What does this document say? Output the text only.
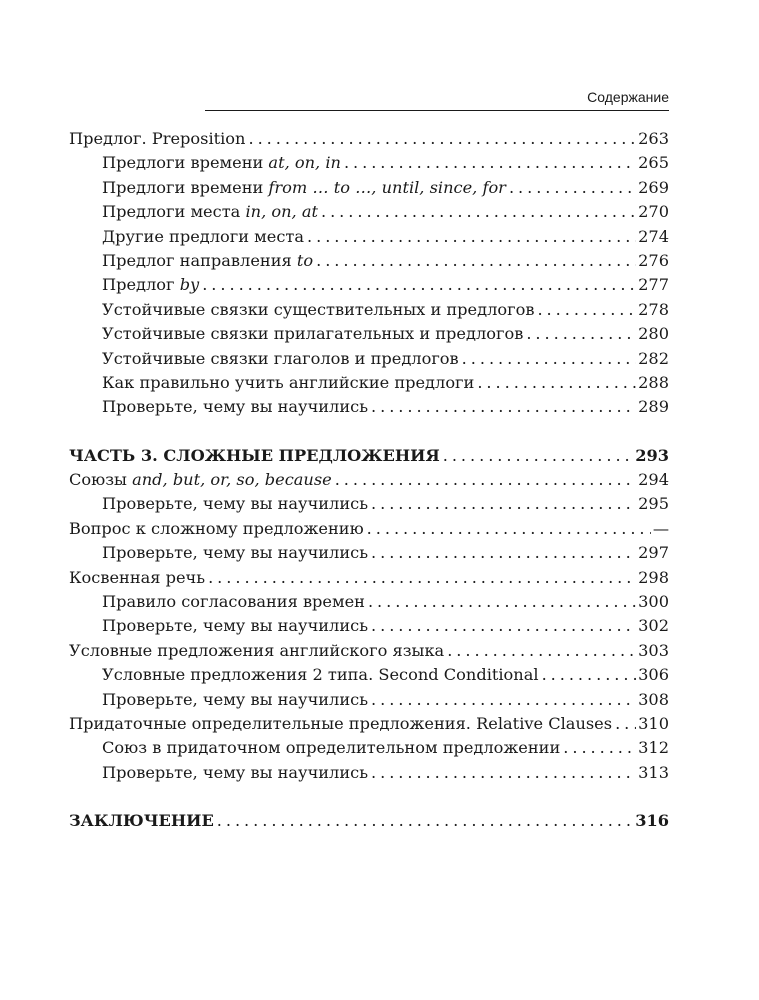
Содержание
Предлог. Preposition . . .	263
Предлоги времени at, on, in . . .	265
Предлоги времени from … to …, until, since, for . . .	269
Предлоги места in, on, at . . .	270
Другие предлоги места . . .	274
Предлог направления to . . .	276
Предлог by . . .	277
Устойчивые связки существительных и предлогов . . .	278
Устойчивые связки прилагательных и предлогов . . .	280
Устойчивые связки глаголов и предлогов . . .	282
Как правильно учить английские предлоги . . .	288
Проверьте, чему вы научились . . .	289
ЧАСТЬ 3. СЛОЖНЫЕ ПРЕДЛОЖЕНИЯ . . .	293
Союзы and, but, or, so, because . . .	294
Проверьте, чему вы научились . . .	295
Вопрос к сложному предложению . . .	—
Проверьте, чему вы научились . . .	297
Косвенная речь . . .	298
Правило согласования времен . . .	300
Проверьте, чему вы научились . . .	302
Условные предложения английского языка . . .	303
Условные предложения 2 типа. Second Conditional . . .	306
Проверьте, чему вы научились . . .	308
Придаточные определительные предложения. Relative Clauses . . . 310
Союз в придаточном определительном предложении . . .	312
Проверьте, чему вы научились . . .	313
ЗАКЛЮЧЕНИЕ . . .	316
